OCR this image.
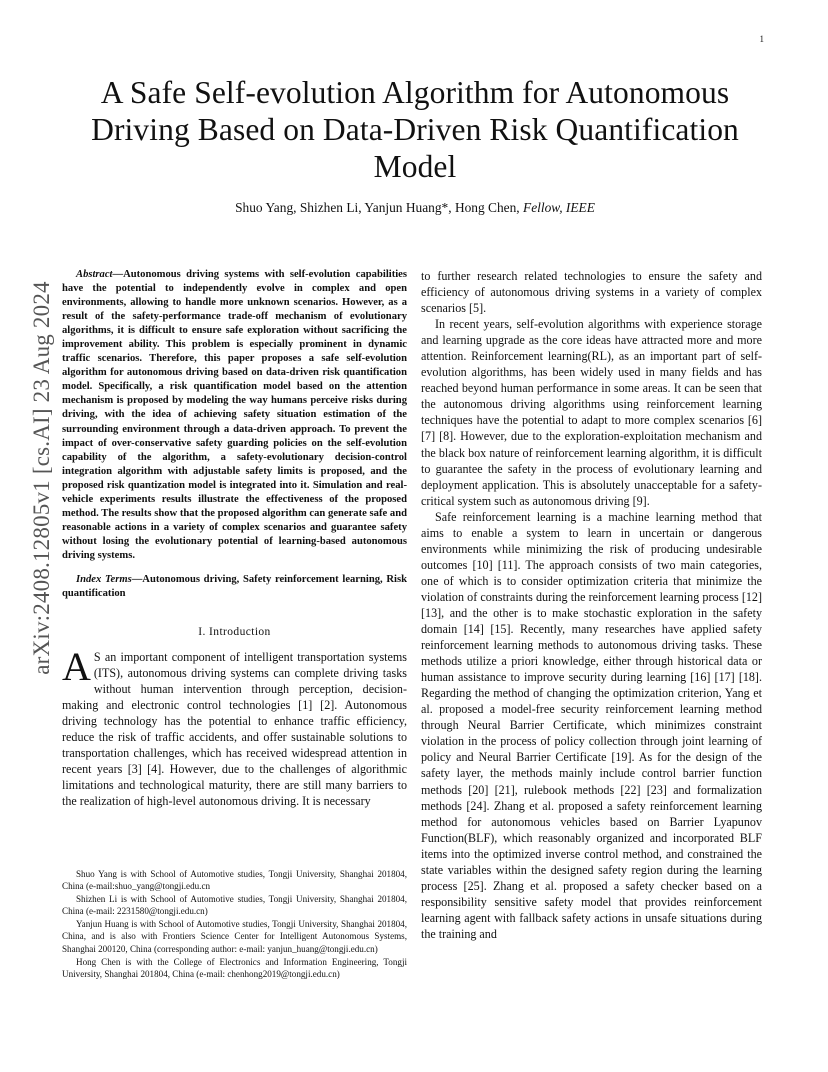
1
arXiv:2408.12805v1 [cs.AI] 23 Aug 2024
A Safe Self-evolution Algorithm for Autonomous
Driving Based on Data-Driven Risk Quantification
Model
Shuo Yang, Shizhen Li, Yanjun Huang*, Hong Chen, Fellow, IEEE

Abstract—Autonomous driving systems with self-evolution capabilities have the potential to independently evolve in complex and open environments, allowing to handle more unknown scenarios. However, as a result of the safety-performance trade-off mechanism of evolutionary algorithms, it is difficult to ensure safe exploration without sacrificing the improvement ability. This problem is especially prominent in dynamic traffic scenarios. Therefore, this paper proposes a safe self-evolution algorithm for autonomous driving based on data-driven risk quantification model. Specifically, a risk quantification model based on the attention mechanism is proposed by modeling the way humans perceive risks during driving, with the idea of achieving safety situation estimation of the surrounding environment through a data-driven approach. To prevent the impact of over-conservative safety guarding policies on the self-evolution capability of the algorithm, a safety-evolutionary decision-control integration algorithm with adjustable safety limits is proposed, and the proposed risk quantization model is integrated into it. Simulation and real-vehicle experiments results illustrate the effectiveness of the proposed method. The results show that the proposed algorithm can generate safe and reasonable actions in a variety of complex scenarios and guarantee safety without losing the evolutionary potential of learning-based autonomous driving systems.

Index Terms—Autonomous driving, Safety reinforcement learning, Risk quantification

I. Introduction

A S an important component of intelligent transportation systems (ITS), autonomous driving systems can complete driving tasks without human intervention through perception, decision-making and electronic control technologies [1] [2]. Autonomous driving technology has the potential to enhance traffic efficiency, reduce the risk of traffic accidents, and offer sustainable solutions to transportation challenges, which has received widespread attention in recent years [3] [4]. However, due to the challenges of algorithmic limitations and technological maturity, there are still many barriers to the realization of high-level autonomous driving. It is necessary

Shuo Yang is with School of Automotive studies, Tongji University, Shanghai 201804, China (e-mail:shuo_yang@tongji.edu.cn

Shizhen Li is with School of Automotive studies, Tongji University, Shanghai 201804, China (e-mail: 2231580@tongji.edu.cn)

Yanjun Huang is with School of Automotive studies, Tongji University, Shanghai 201804, China, and is also with Frontiers Science Center for Intelligent Autonomous Systems, Shanghai 200120, China (corresponding author: e-mail: yanjun_huang@tongji.edu.cn)

Hong Chen is with the College of Electronics and Information Engineering, Tongji University, Shanghai 201804, China (e-mail: chenhong2019@tongji.edu.cn)

to further research related technologies to ensure the safety and efficiency of autonomous driving systems in a variety of complex scenarios [5].

In recent years, self-evolution algorithms with experience storage and learning upgrade as the core ideas have attracted more and more attention. Reinforcement learning(RL), as an important part of self-evolution algorithms, has been widely used in many fields and has reached beyond human performance in some areas. It can be seen that the autonomous driving algorithms using reinforcement learning techniques have the potential to adapt to more complex scenarios [6] [7] [8]. However, due to the exploration-exploitation mechanism and the black box nature of reinforcement learning algorithm, it is difficult to guarantee the safety in the process of evolutionary learning and deployment application. This is absolutely unacceptable for a safety-critical system such as autonomous driving [9].

Safe reinforcement learning is a machine learning method that aims to enable a system to learn in uncertain or dangerous environments while minimizing the risk of producing undesirable outcomes [10] [11]. The approach consists of two main categories, one of which is to consider optimization criteria that minimize the violation of constraints during the reinforcement learning process [12] [13], and the other is to make stochastic exploration in the safety domain [14] [15]. Recently, many researches have applied safety reinforcement learning methods to autonomous driving tasks. These methods utilize a priori knowledge, either through historical data or human assistance to improve security during learning [16] [17] [18]. Regarding the method of changing the optimization criterion, Yang et al. proposed a model-free security reinforcement learning method through Neural Barrier Certificate, which minimizes constraint violation in the process of policy collection through joint learning of policy and Neural Barrier Certificate [19]. As for the design of the safety layer, the methods mainly include control barrier function methods [20] [21], rulebook methods [22] [23] and formalization methods [24]. Zhang et al. proposed a safety reinforcement learning method for autonomous vehicles based on Barrier Lyapunov Function(BLF), which reasonably organized and incorporated BLF items into the optimized inverse control method, and constrained the state variables within the designed safety region during the learning process [25]. Zhang et al. proposed a safety checker based on a responsibility sensitive safety model that provides reinforcement learning agent with fallback safety actions in unsafe situations during the training and
